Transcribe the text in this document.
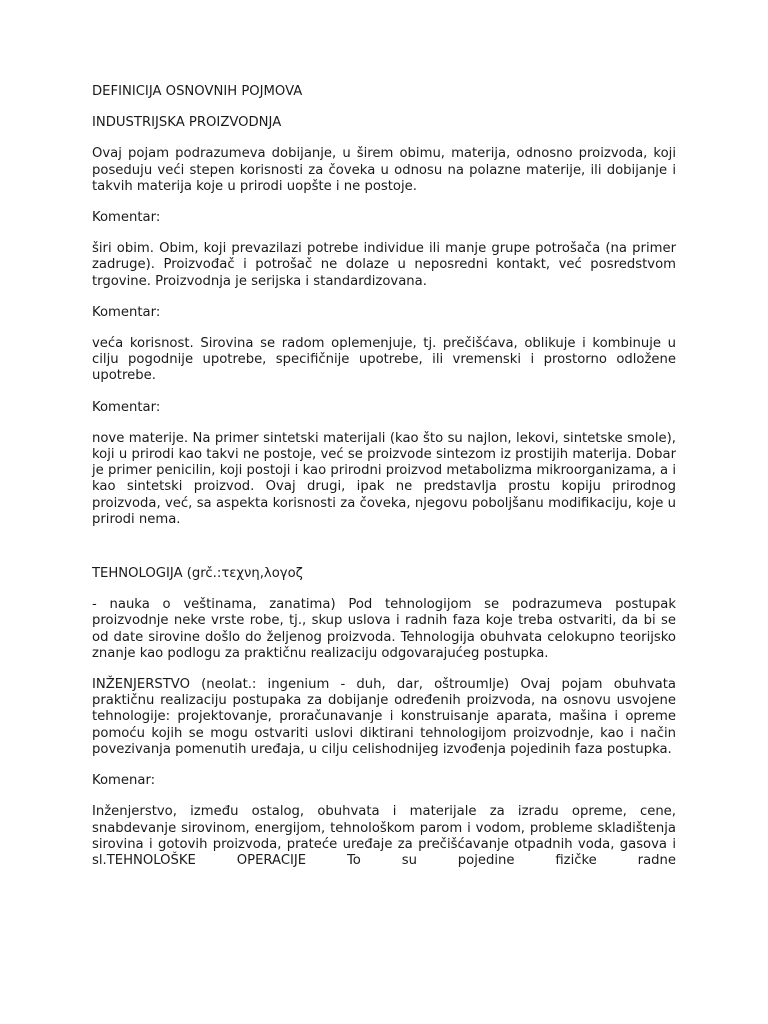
DEFINICIJA OSNOVNIH POJMOVA

INDUSTRIJSKA PROIZVODNJA

Ovaj pojam podrazumeva dobijanje, u širem obimu, materija, odnosno proizvoda, koji poseduju veći stepen korisnosti za čoveka u odnosu na polazne materije, ili dobijanje i takvih materija koje u prirodi uopšte i ne postoje.

Komentar:

širi obim. Obim, koji prevazilazi potrebe individue ili manje grupe potrošača (na primer zadruge). Proizvođač i potrošač ne dolaze u neposredni kontakt, već posredstvom trgovine. Proizvodnja je serijska i standardizovana.

Komentar:

veća korisnost. Sirovina se radom oplemenjuje, tj. prečišćava, oblikuje i kombinuje u cilju pogodnije upotrebe, specifičnije upotrebe, ili vremenski i prostorno odložene upotrebe.

Komentar:

nove materije. Na primer sintetski materijali (kao što su najlon, lekovi, sintetske smole), koji u prirodi kao takvi ne postoje, već se proizvode sintezom iz prostijih materija. Dobar je primer penicilin, koji postoji i kao prirodni proizvod metabolizma mikroorganizama, a i kao sintetski proizvod. Ovaj drugi, ipak ne predstavlja prostu kopiju prirodnog proizvoda, već, sa aspekta korisnosti za čoveka, njegovu poboljšanu modifikaciju, koje u prirodi nema.

TEHNOLOGIJA (grč.:τεχνη,λογοζ

- nauka o veštinama, zanatima) Pod tehnologijom se podrazumeva postupak proizvodnje neke vrste robe, tj., skup uslova i radnih faza koje treba ostvariti, da bi se od date sirovine došlo do željenog proizvoda. Tehnologija obuhvata celokupno teorijsko znanje kao podlogu za praktičnu realizaciju odgovarajućeg postupka.

INŽENJERSTVO (neolat.: ingenium - duh, dar, oštroumlje) Ovaj pojam obuhvata praktičnu realizaciju postupaka za dobijanje određenih proizvoda, na osnovu usvojene tehnologije: projektovanje, proračunavanje i konstruisanje aparata, mašina i opreme pomoću kojih se mogu ostvariti uslovi diktirani tehnologijom proizvodnje, kao i način povezivanja pomenutih uređaja, u cilju celishodnijeg izvođenja pojedinih faza postupka.

Komenar:

Inženjerstvo, između ostalog, obuhvata i materijale za izradu opreme, cene, snabdevanje sirovinom, energijom, tehnološkom parom i vodom, probleme skladištenja sirovina i gotovih proizvoda, prateće uređaje za prečišćavanje otpadnih voda, gasova i sl.TEHNOLOŠKE OPERACIJE To su pojedine fizičke radne
